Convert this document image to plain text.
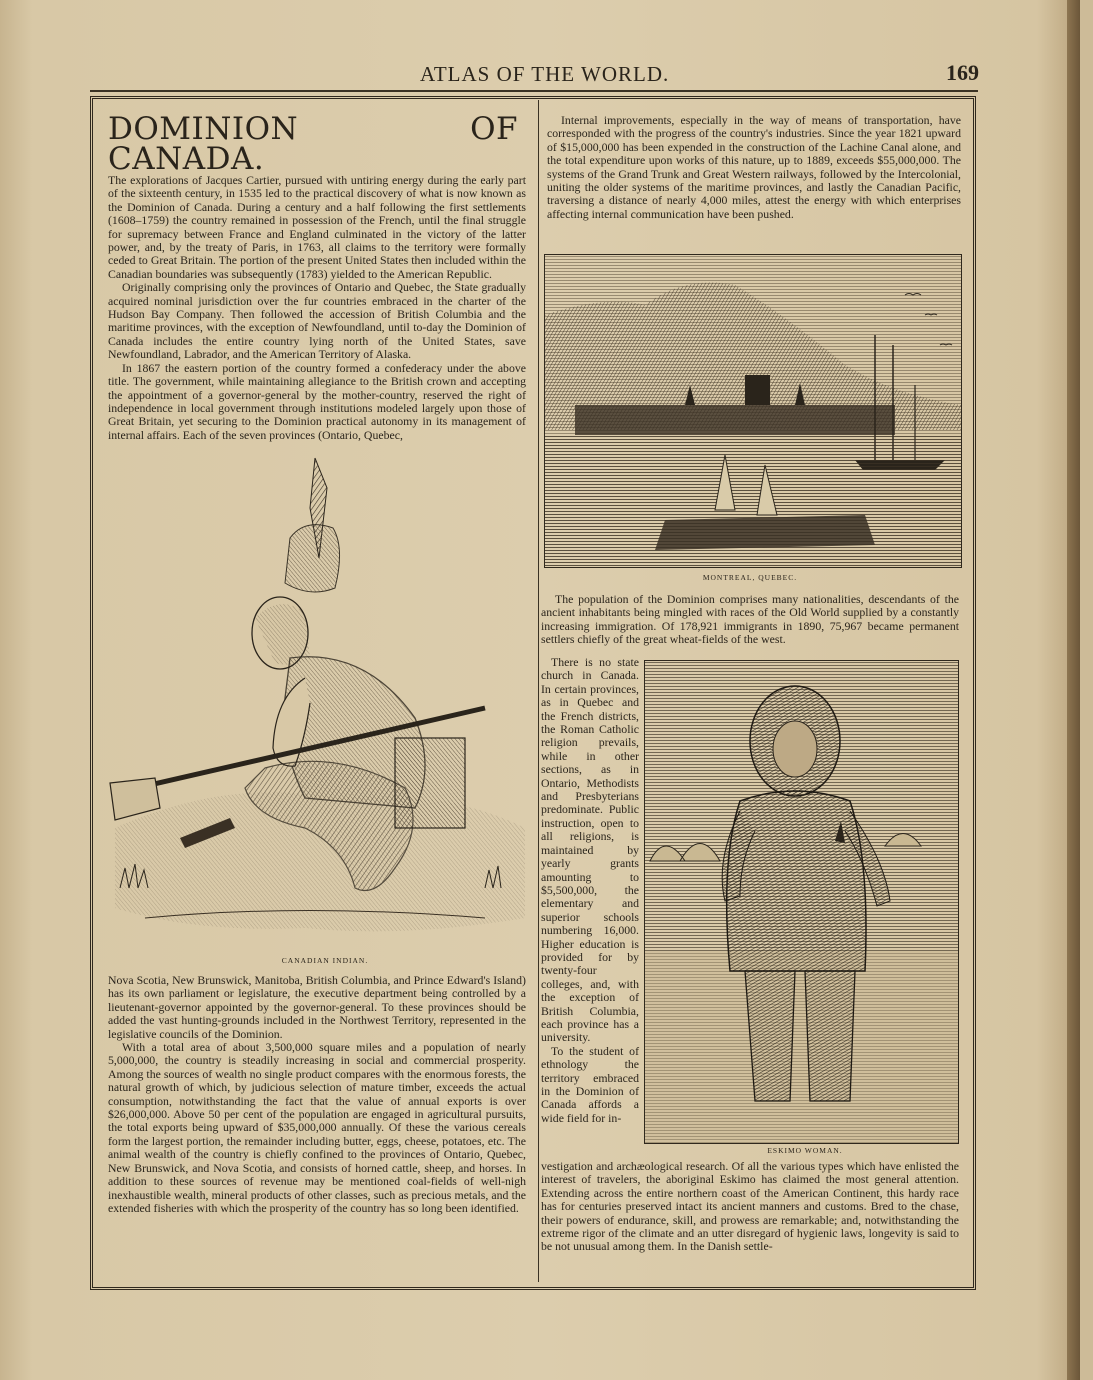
ATLAS OF THE WORLD.	169

DOMINION OF CANADA.
The explorations of Jacques Cartier, pursued with untiring energy during the early part of the sixteenth century, in 1535 led to the practical discovery of what is now known as the Dominion of Canada. During a century and a half following the first settlements (1608–1759) the country remained in possession of the French, until the final struggle for supremacy between France and England culminated in the victory of the latter power, and, by the treaty of Paris, in 1763, all claims to the territory were formally ceded to Great Britain. The portion of the present United States then included within the Canadian boundaries was subsequently (1783) yielded to the American Republic.

Originally comprising only the provinces of Ontario and Quebec, the State gradually acquired nominal jurisdiction over the fur countries embraced in the charter of the Hudson Bay Company. Then followed the accession of British Columbia and the maritime provinces, with the exception of Newfoundland, until to-day the Dominion of Canada includes the entire country lying north of the United States, save Newfoundland, Labrador, and the American Territory of Alaska.

In 1867 the eastern portion of the country formed a confederacy under the above title. The government, while maintaining allegiance to the British crown and accepting the appointment of a governor-general by the mother-country, reserved the right of independence in local government through institutions modeled largely upon those of Great Britain, yet securing to the Dominion practical autonomy in its management of internal affairs. Each of the seven provinces (Ontario, Quebec,

CANADIAN INDIAN.

Nova Scotia, New Brunswick, Manitoba, British Columbia, and Prince Edward's Island) has its own parliament or legislature, the executive department being controlled by a lieutenant-governor appointed by the governor-general. To these provinces should be added the vast hunting-grounds included in the Northwest Territory, represented in the legislative councils of the Dominion.

With a total area of about 3,500,000 square miles and a population of nearly 5,000,000, the country is steadily increasing in social and commercial prosperity. Among the sources of wealth no single product compares with the enormous forests, the natural growth of which, by judicious selection of mature timber, exceeds the actual consumption, notwithstanding the fact that the value of annual exports is over $26,000,000. Above 50 per cent of the population are engaged in agricultural pursuits, the total exports being upward of $35,000,000 annually. Of these the various cereals form the largest portion, the remainder including butter, eggs, cheese, potatoes, etc. The animal wealth of the country is chiefly confined to the provinces of Ontario, Quebec, New Brunswick, and Nova Scotia, and consists of horned cattle, sheep, and horses. In addition to these sources of revenue may be mentioned coal-fields of well-nigh inexhaustible wealth, mineral products of other classes, such as precious metals, and the extended fisheries with which the prosperity of the country has so long been identified.

Internal improvements, especially in the way of means of transportation, have corresponded with the progress of the country's industries. Since the year 1821 upward of $15,000,000 has been expended in the construction of the Lachine Canal alone, and the total expenditure upon works of this nature, up to 1889, exceeds $55,000,000. The systems of the Grand Trunk and Great Western railways, followed by the Intercolonial, uniting the older systems of the maritime provinces, and lastly the Canadian Pacific, traversing a distance of nearly 4,000 miles, attest the energy with which enterprises affecting internal communication have been pushed.

MONTREAL, QUEBEC.

The population of the Dominion comprises many nationalities, descendants of the ancient inhabitants being mingled with races of the Old World supplied by a constantly increasing immigration. Of 178,921 immigrants in 1890, 75,967 became permanent settlers chiefly of the great wheat-fields of the west.

There is no state church in Canada. In certain provinces, as in Quebec and the French districts, the Roman Catholic religion prevails, while in other sections, as in Ontario, Methodists and Presbyterians predominate. Public instruction, open to all religions, is maintained by yearly grants amounting to $5,500,000, the elementary and superior schools numbering 16,000. Higher education is provided for by twenty-four colleges, and, with the exception of British Columbia, each province has a university.

To the student of ethnology the territory embraced in the Dominion of Canada affords a wide field for in-

ESKIMO WOMAN.

vestigation and archæological research. Of all the various types which have enlisted the interest of travelers, the aboriginal Eskimo has claimed the most general attention. Extending across the entire northern coast of the American Continent, this hardy race has for centuries preserved intact its ancient manners and customs. Bred to the chase, their powers of endurance, skill, and prowess are remarkable; and, notwithstanding the extreme rigor of the climate and an utter disregard of hygienic laws, longevity is said to be not unusual among them. In the Danish settle-
